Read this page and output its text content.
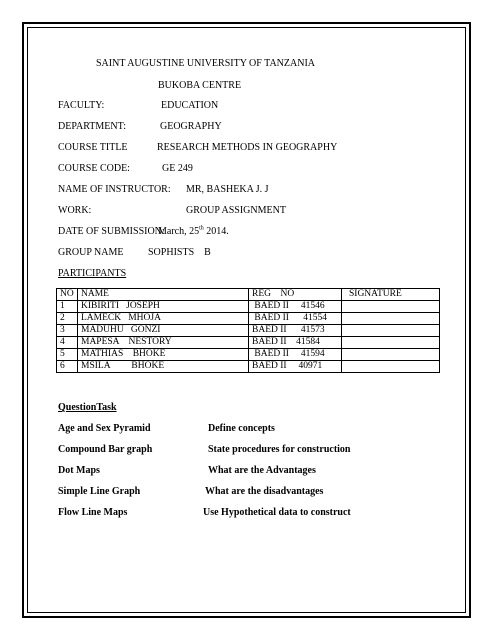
SAINT AUGUSTINE UNIVERSITY OF TANZANIA
BUKOBA CENTRE
FACULTY:	EDUCATION
DEPARTMENT:	GEOGRAPHY
COURSE TITLE	RESEARCH METHODS IN GEOGRAPHY
COURSE CODE:	GE 249
NAME OF INSTRUCTOR: MR, BASHEKA J. J
WORK:	GROUP ASSIGNMENT
DATE OF SUBMISSION:
March, 25th 2014.
GROUP NAME SOPHISTS    B
PARTICIPANTS
NO	NAME	REG    NO	SIGNATURE
1	KIBIRITI   JOSEPH	BAED II     41546	
2	LAMECK   MHOJA	BAED II      41554	
3	MADUHU   GONZI	BAED II      41573	
4	MAPESA    NESTORY	BAED II    41584	
5	MATHIAS    BHOKE	BAED II     41594	
6	MSILA         BHOKE	BAED II     40971	
QuestionTask
Age and Sex Pyramid	Define concepts
Compound Bar graph	State procedures for construction
Dot Maps	What are the Advantages
Simple Line Graph	What are the disadvantages
Flow Line Maps	Use Hypothetical data to construct
